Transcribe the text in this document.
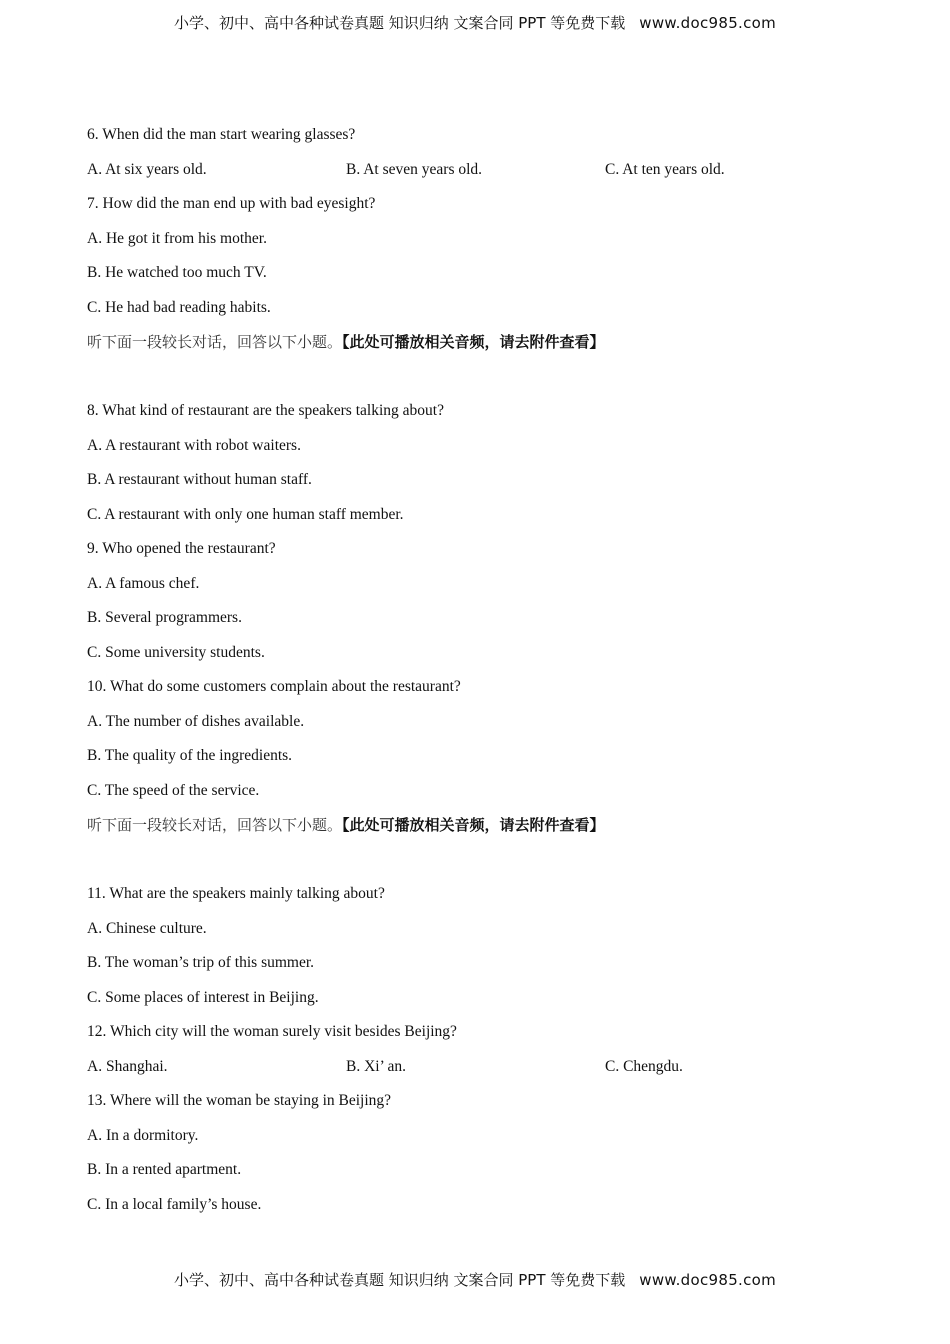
小学、初中、高中各种试卷真题 知识归纳 文案合同 PPT 等免费下载 www.doc985.com
6. When did the man start wearing glasses?
A. At six years old.	B. At seven years old.	C. At ten years old.
7. How did the man end up with bad eyesight?
A. He got it from his mother.
B. He watched too much TV.
C. He had bad reading habits.
听下面一段较长对话，回答以下小题。【此处可播放相关音频，请去附件查看】
8. What kind of restaurant are the speakers talking about?
A. A restaurant with robot waiters.
B. A restaurant without human staff.
C. A restaurant with only one human staff member.
9. Who opened the restaurant?
A. A famous chef.
B. Several programmers.
C. Some university students.
10. What do some customers complain about the restaurant?
A. The number of dishes available.
B. The quality of the ingredients.
C. The speed of the service.
听下面一段较长对话，回答以下小题。【此处可播放相关音频，请去附件查看】
11. What are the speakers mainly talking about?
A. Chinese culture.
B. The woman’s trip of this summer.
C. Some places of interest in Beijing.
12. Which city will the woman surely visit besides Beijing?
A. Shanghai.	B. Xi’ an.	C. Chengdu.
13. Where will the woman be staying in Beijing?
A. In a dormitory.
B. In a rented apartment.
C. In a local family’s house.
小学、初中、高中各种试卷真题 知识归纳 文案合同 PPT 等免费下载 www.doc985.com
